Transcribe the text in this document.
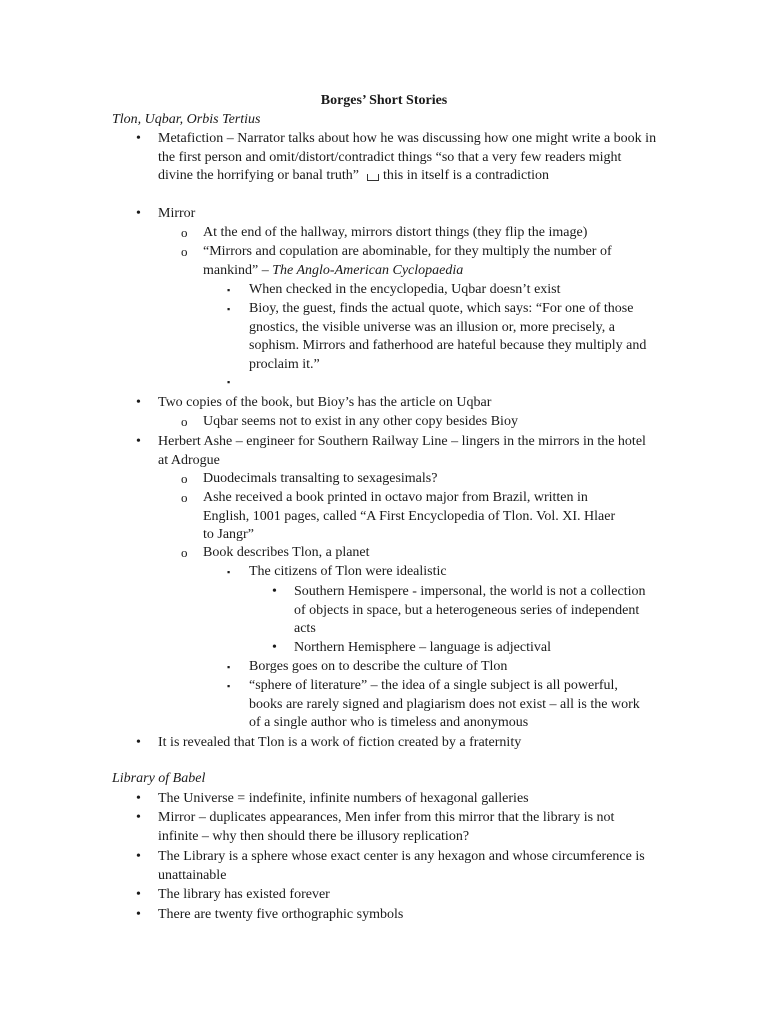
Borges’ Short Stories
Tlon, Uqbar, Orbis Tertius
• Metafiction – Narrator talks about how he was discussing how one might write a book in the first person and omit/distort/contradict things “so that a very few readers might divine the horrifying or banal truth” this in itself is a contradiction
• Mirror
o At the end of the hallway, mirrors distort things (they flip the image)
o “Mirrors and copulation are abominable, for they multiply the number of mankind” – The Anglo-American Cyclopaedia
▪ When checked in the encyclopedia, Uqbar doesn’t exist
▪ Bioy, the guest, finds the actual quote, which says: “For one of those gnostics, the visible universe was an illusion or, more precisely, a sophism. Mirrors and fatherhood are hateful because they multiply and proclaim it.”
▪
• Two copies of the book, but Bioy’s has the article on Uqbar
o Uqbar seems not to exist in any other copy besides Bioy
• Herbert Ashe – engineer for Southern Railway Line – lingers in the mirrors in the hotel at Adrogue
o Duodecimals transalting to sexagesimals?
o Ashe received a book printed in octavo major from Brazil, written in English, 1001 pages, called “A First Encyclopedia of Tlon. Vol. XI. Hlaer to Jangr”
o Book describes Tlon, a planet
▪ The citizens of Tlon were idealistic
• Southern Hemispere - impersonal, the world is not a collection of objects in space, but a heterogeneous series of independent acts
• Northern Hemisphere – language is adjectival
▪ Borges goes on to describe the culture of Tlon
▪ “sphere of literature” – the idea of a single subject is all powerful, books are rarely signed and plagiarism does not exist – all is the work of a single author who is timeless and anonymous
• It is revealed that Tlon is a work of fiction created by a fraternity
Library of Babel
• The Universe = indefinite, infinite numbers of hexagonal galleries
• Mirror – duplicates appearances, Men infer from this mirror that the library is not infinite – why then should there be illusory replication?
• The Library is a sphere whose exact center is any hexagon and whose circumference is unattainable
• The library has existed forever
• There are twenty five orthographic symbols
